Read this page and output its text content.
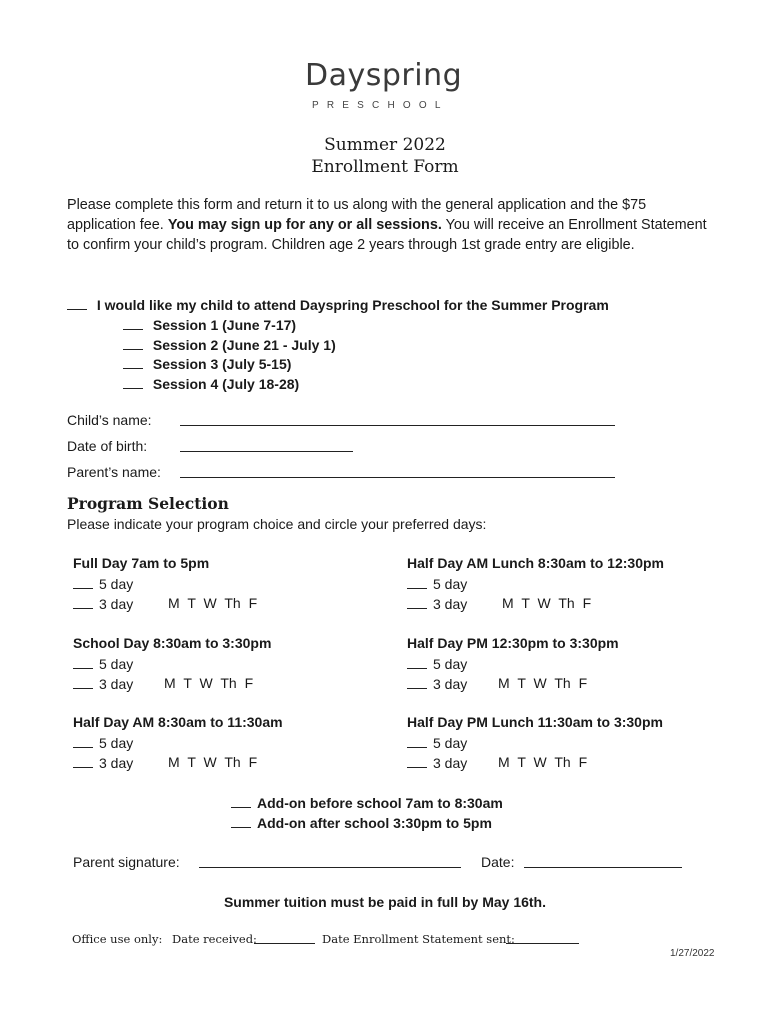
Dayspring
PRESCHOOL
Summer 2022
Enrollment Form
Please complete this form and return it to us along with the general application and the $75 application fee. You may sign up for any or all sessions. You will receive an Enrollment Statement to confirm your child’s program. Children age 2 years through 1st grade entry are eligible.
I would like my child to attend Dayspring Preschool for the Summer Program
Session 1 (June 7-17)
Session 2 (June 21 - July 1)
Session 3 (July 5-15)
Session 4 (July 18-28)
Child’s name:
Date of birth:
Parent’s name:
Program Selection
Please indicate your program choice and circle your preferred days:
Full Day 7am to 5pm
5 day
3 day M T W Th F
School Day 8:30am to 3:30pm
5 day
3 day M T W Th F
Half Day AM 8:30am to 11:30am
5 day
3 day M T W Th F
Half Day AM Lunch 8:30am to 12:30pm
5 day
3 day M T W Th F
Half Day PM 12:30pm to 3:30pm
5 day
3 day M T W Th F
Half Day PM Lunch 11:30am to 3:30pm
5 day
3 day M T W Th F
Add-on before school 7am to 8:30am
Add-on after school 3:30pm to 5pm
Parent signature:	Date:
Summer tuition must be paid in full by May 16th.
Office use only: Date received:	Date Enrollment Statement sent:
1/27/2022
